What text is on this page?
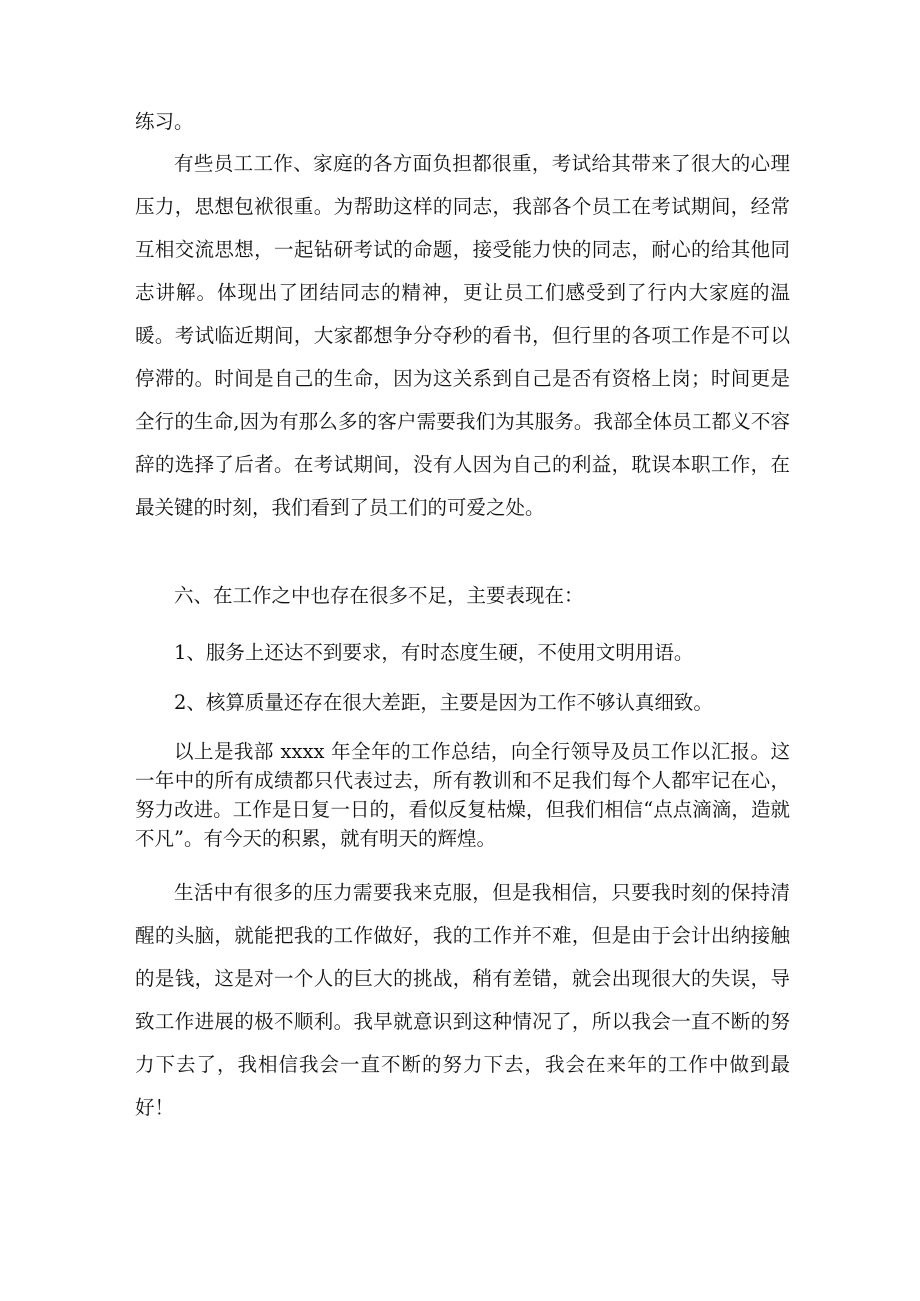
练习。

有些员工工作、家庭的各方面负担都很重，考试给其带来了很大的心理压力，思想包袱很重。为帮助这样的同志，我部各个员工在考试期间，经常互相交流思想，一起钻研考试的命题，接受能力快的同志，耐心的给其他同志讲解。体现出了团结同志的精神，更让员工们感受到了行内大家庭的温暖。考试临近期间，大家都想争分夺秒的看书，但行里的各项工作是不可以停滞的。时间是自己的生命，因为这关系到自己是否有资格上岗；时间更是全行的生命,因为有那么多的客户需要我们为其服务。我部全体员工都义不容辞的选择了后者。在考试期间，没有人因为自己的利益，耽误本职工作，在最关键的时刻，我们看到了员工们的可爱之处。

六、在工作之中也存在很多不足，主要表现在：

1、服务上还达不到要求，有时态度生硬，不使用文明用语。

2、核算质量还存在很大差距，主要是因为工作不够认真细致。

以上是我部 xxxx 年全年的工作总结，向全行领导及员工作以汇报。这一年中的所有成绩都只代表过去，所有教训和不足我们每个人都牢记在心，努力改进。工作是日复一日的，看似反复枯燥，但我们相信“点点滴滴，造就不凡”。有今天的积累，就有明天的辉煌。

生活中有很多的压力需要我来克服，但是我相信，只要我时刻的保持清醒的头脑，就能把我的工作做好，我的工作并不难，但是由于会计出纳接触的是钱，这是对一个人的巨大的挑战，稍有差错，就会出现很大的失误，导致工作进展的极不顺利。我早就意识到这种情况了，所以我会一直不断的努力下去了，我相信我会一直不断的努力下去，我会在来年的工作中做到最好！
